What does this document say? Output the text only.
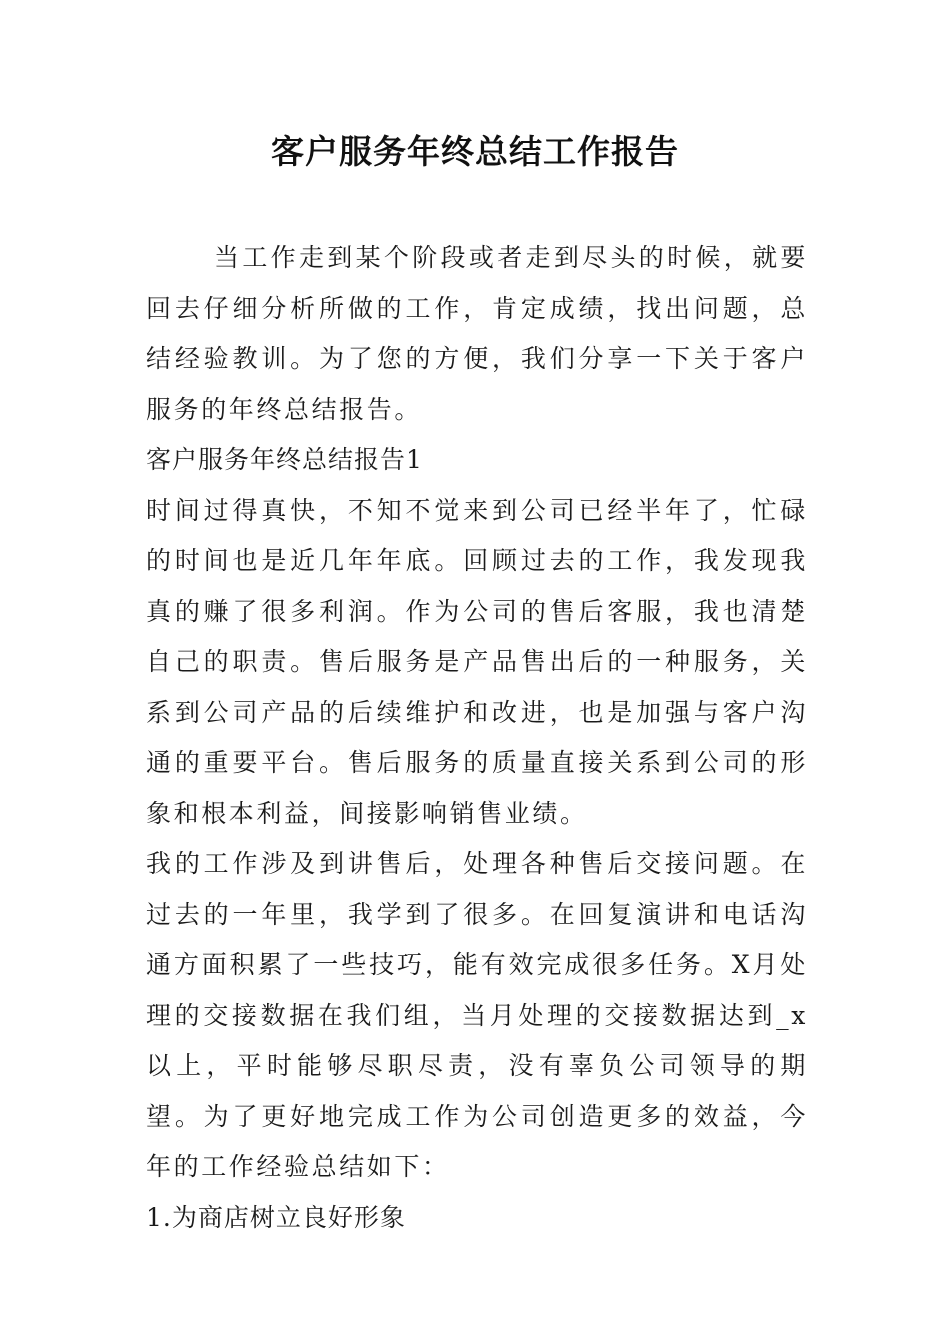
客户服务年终总结工作报告

当工作走到某个阶段或者走到尽头的时候，就要回去仔细分析所做的工作，肯定成绩，找出问题，总结经验教训。为了您的方便，我们分享一下关于客户服务的年终总结报告。

客户服务年终总结报告1

时间过得真快，不知不觉来到公司已经半年了，忙碌的时间也是近几年年底。回顾过去的工作，我发现我真的赚了很多利润。作为公司的售后客服，我也清楚自己的职责。售后服务是产品售出后的一种服务，关系到公司产品的后续维护和改进，也是加强与客户沟通的重要平台。售后服务的质量直接关系到公司的形象和根本利益，间接影响销售业绩。

我的工作涉及到讲售后，处理各种售后交接问题。在过去的一年里，我学到了很多。在回复演讲和电话沟通方面积累了一些技巧，能有效完成很多任务。X月处理的交接数据在我们组，当月处理的交接数据达到_x以上，平时能够尽职尽责，没有辜负公司领导的期望。为了更好地完成工作为公司创造更多的效益，今年的工作经验总结如下：

1.为商店树立良好形象
